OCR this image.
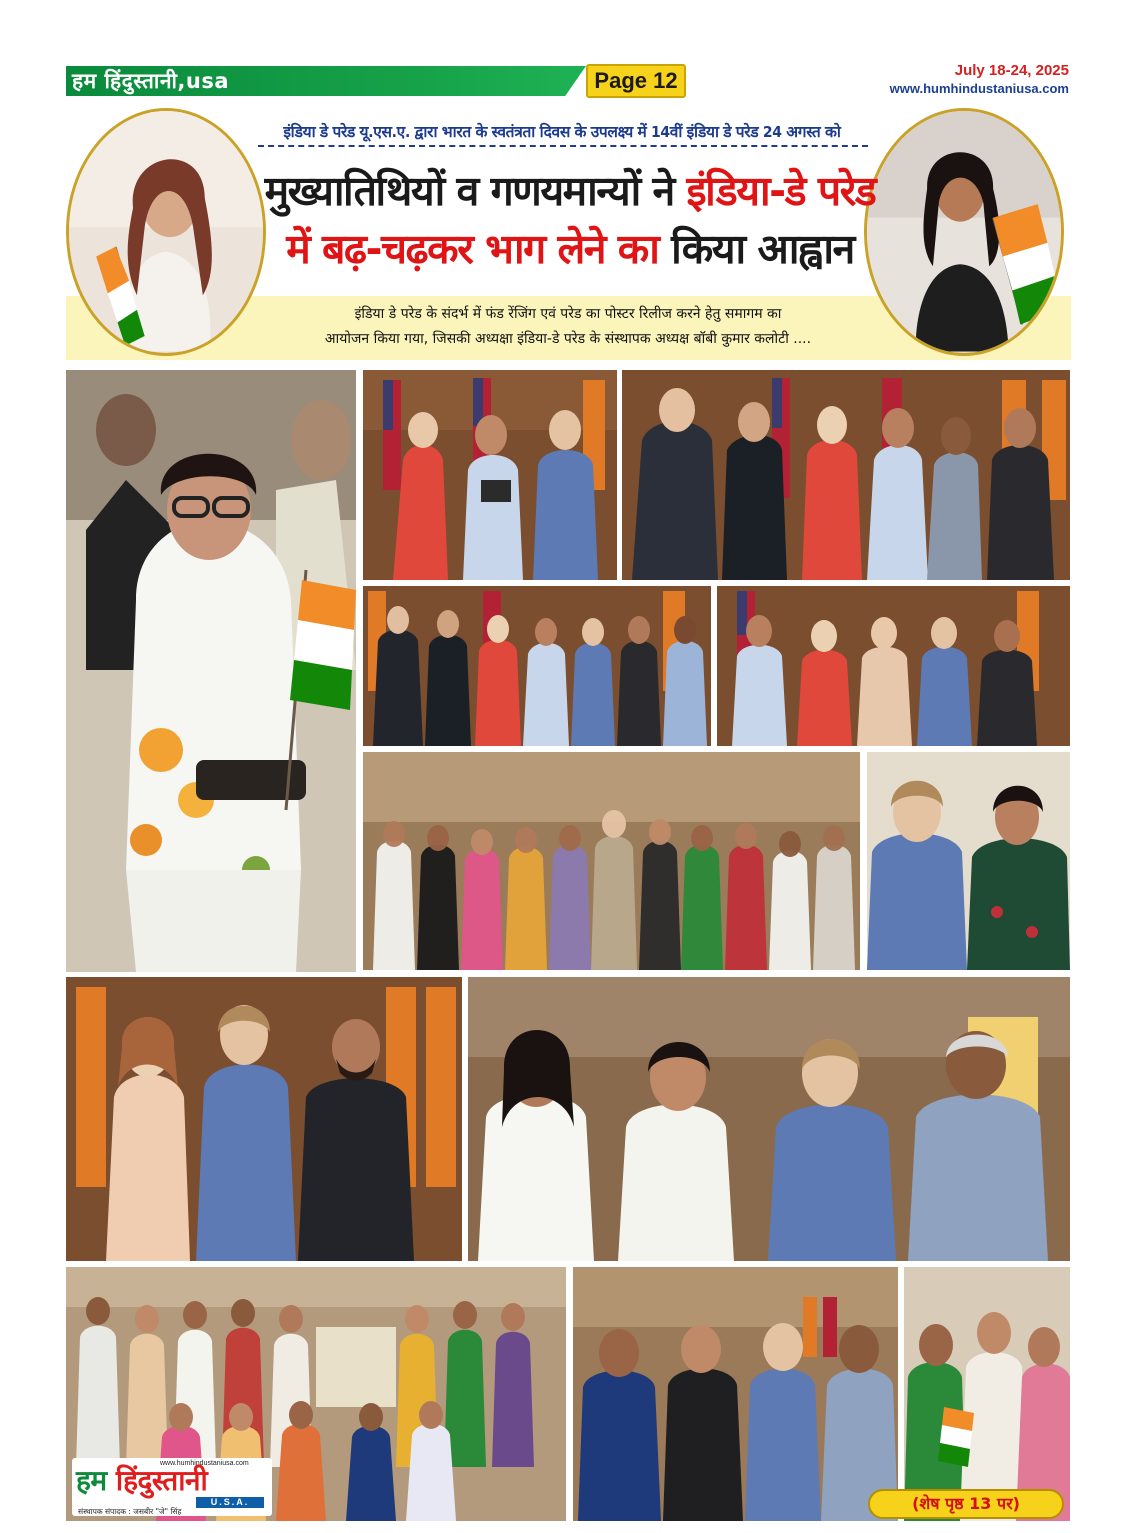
हम हिंदुस्तानी,usa	Page 12	July 18-24, 2025
www.humhindustaniusa.com
इंडिया डे परेड यू.एस.ए. द्वारा भारत के स्वतंत्रता दिवस के उपलक्ष्य में 14वीं इंडिया डे परेड 24 अगस्त को
मुख्यातिथियों व गणयमान्यों ने इंडिया-डे परेड
में बढ़-चढ़कर भाग लेने का किया आह्वान
इंडिया डे परेड के संदर्भ में फंड रेंजिंग एवं परेड का पोस्टर रिलीज करने हेतु समागम का
आयोजन किया गया, जिसकी अध्यक्षा इंडिया-डे परेड के संस्थापक अध्यक्ष बॉबी कुमार कलोटी ....
www.humhindustaniusa.com
हम हिंदुस्तानी
U.S.A.
संस्थापक संपादक : जसबीर "जे" सिंह	(शेष पृष्ठ 13 पर)
